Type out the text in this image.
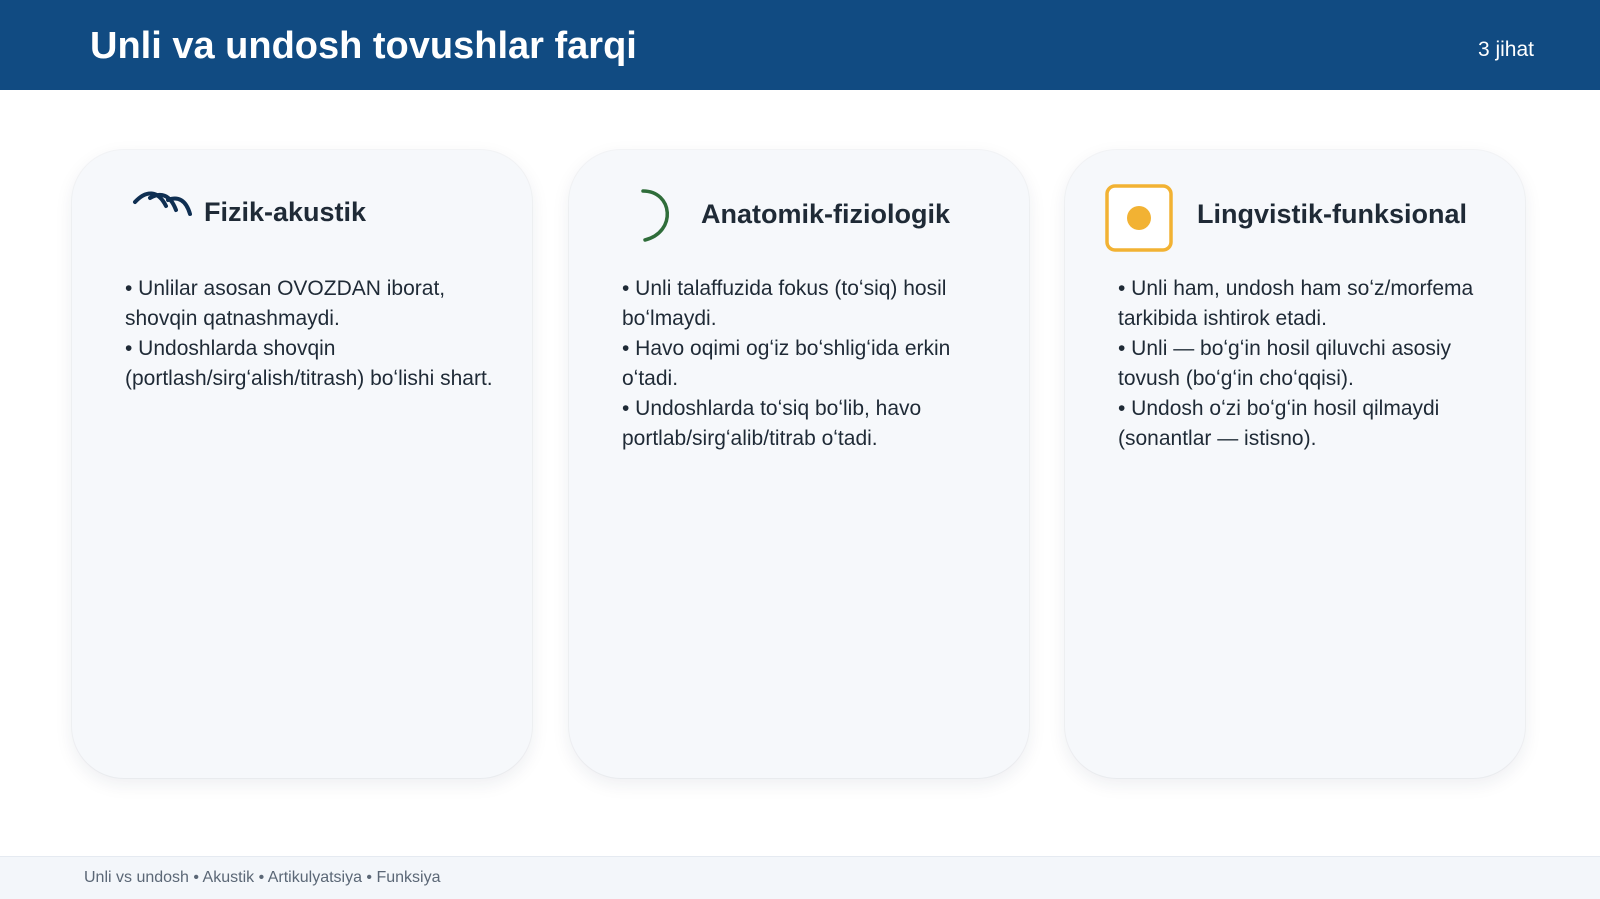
Unli va undosh tovushlar farqi	3 jihat
Fizik-akustik

• Unlilar asosan OVOZDAN iborat, shovqin qatnashmaydi.

• Undoshlarda shovqin (portlash/sirgʻalish/titrash) boʻlishi shart.

Anatomik-fiziologik

• Unli talaffuzida fokus (toʻsiq) hosil boʻlmaydi.

• Havo oqimi ogʻiz boʻshligʻida erkin oʻtadi.

• Undoshlarda toʻsiq boʻlib, havo portlab/sirgʻalib/titrab oʻtadi.

Lingvistik-funksional

• Unli ham, undosh ham soʻz/morfema tarkibida ishtirok etadi.

• Unli — boʻgʻin hosil qiluvchi asosiy tovush (boʻgʻin choʻqqisi).

• Undosh oʻzi boʻgʻin hosil qilmaydi (sonantlar — istisno).

Unli vs undosh • Akustik • Artikulyatsiya • Funksiya
